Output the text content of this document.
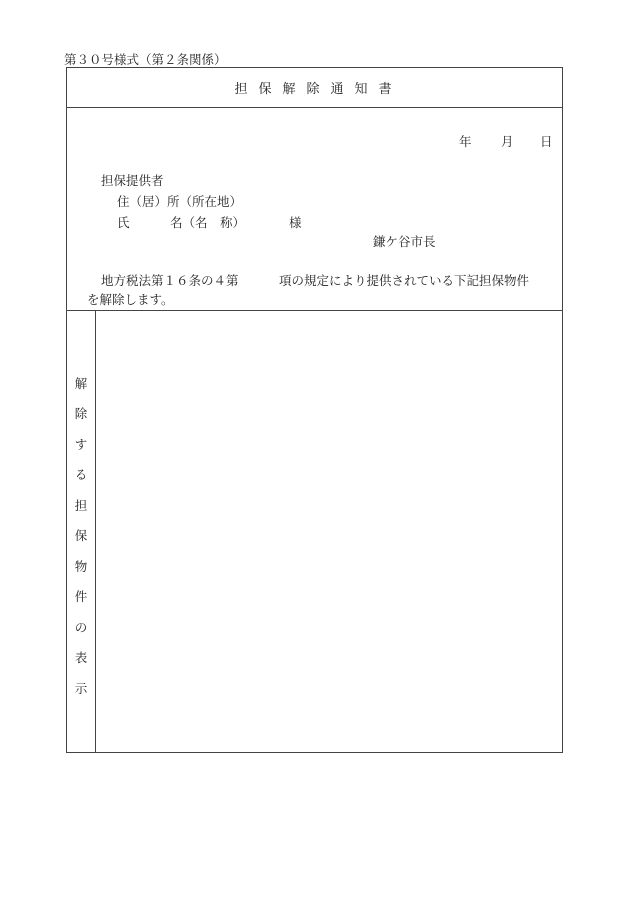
第３０号様式（第２条関係）
担保解除通知書
年 月 日
担保提供者
住（居）所（所在地）
氏	名（名　称）	様
鎌ケ谷市長
地方税法第１６条の４第	項の規定により提供されている下記担保物件
を解除します。
解
除
す
る
担
保
物
件
の
表
示
